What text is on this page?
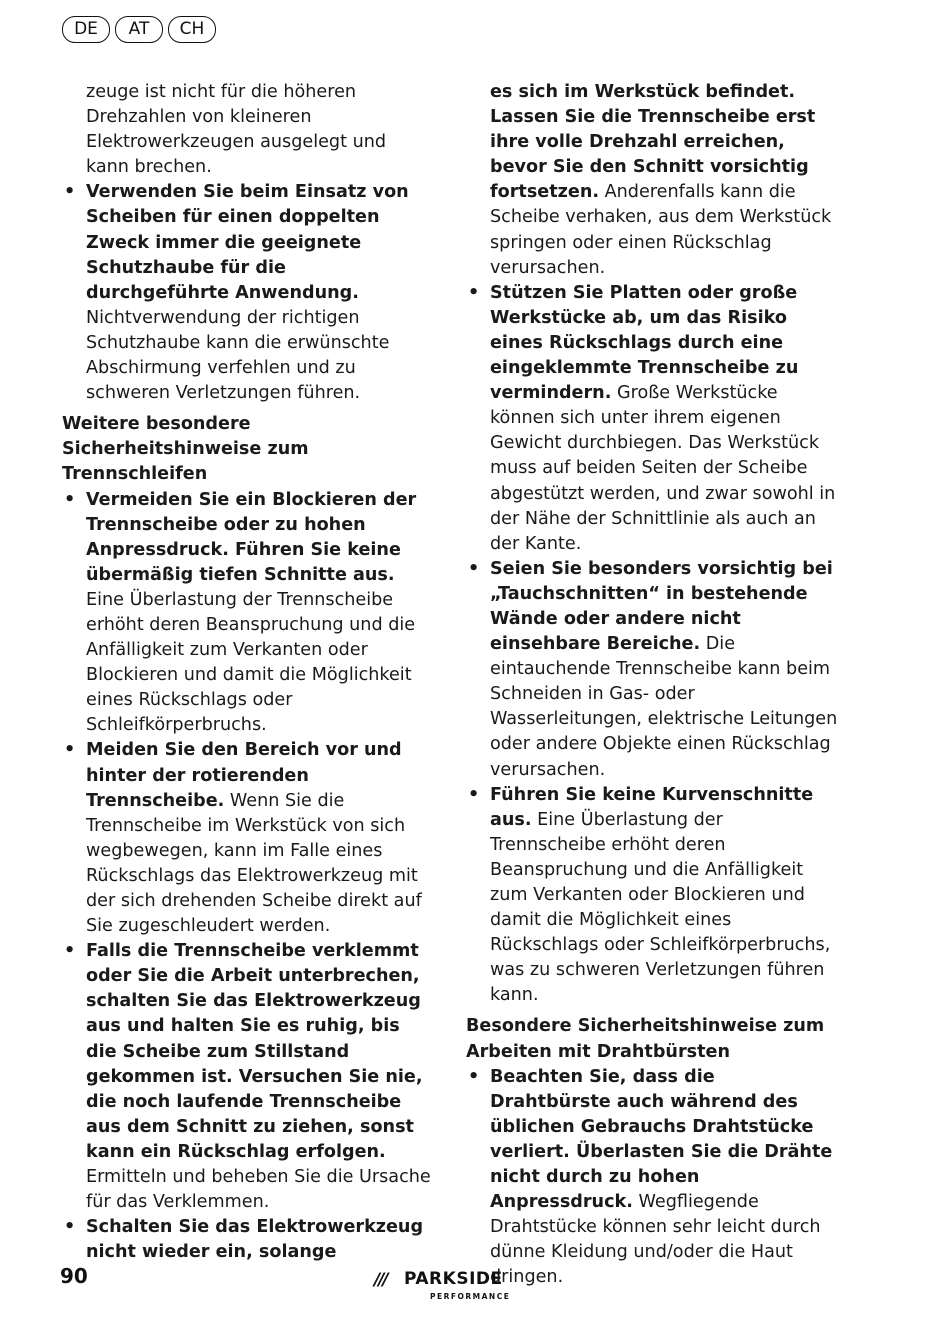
DE	AT	CH

zeuge ist nicht für die höheren Drehzahlen von kleineren Elektrowerkzeugen ausgelegt und kann brechen.

• Verwenden Sie beim Einsatz von Scheiben für einen doppelten Zweck immer die geeignete Schutzhaube für die durchgeführte Anwendung. Nichtverwendung der richtigen Schutzhaube kann die erwünschte Abschirmung verfehlen und zu schweren Verletzungen führen.

Weitere besondere Sicherheitshinweise zum Trennschleifen

• Vermeiden Sie ein Blockieren der Trennscheibe oder zu hohen Anpressdruck. Führen Sie keine übermäßig tiefen Schnitte aus. Eine Überlastung der Trennscheibe erhöht deren Beanspruchung und die Anfälligkeit zum Verkanten oder Blockieren und damit die Möglichkeit eines Rückschlags oder Schleifkörperbruchs.
• Meiden Sie den Bereich vor und hinter der rotierenden Trennscheibe. Wenn Sie die Trennscheibe im Werkstück von sich wegbewegen, kann im Falle eines Rückschlags das Elektrowerkzeug mit der sich drehenden Scheibe direkt auf Sie zugeschleudert werden.
• Falls die Trennscheibe verklemmt oder Sie die Arbeit unterbrechen, schalten Sie das Elektrowerkzeug aus und halten Sie es ruhig, bis die Scheibe zum Stillstand gekommen ist. Versuchen Sie nie, die noch laufende Trennscheibe aus dem Schnitt zu ziehen, sonst kann ein Rückschlag erfolgen. Ermitteln und beheben Sie die Ursache für das Verklemmen.
• Schalten Sie das Elektrowerkzeug nicht wieder ein, solange
es sich im Werkstück befindet. Lassen Sie die Trennscheibe erst ihre volle Drehzahl erreichen, bevor Sie den Schnitt vorsichtig fortsetzen. Anderenfalls kann die Scheibe verhaken, aus dem Werkstück springen oder einen Rückschlag verursachen.
• Stützen Sie Platten oder große Werkstücke ab, um das Risiko eines Rückschlags durch eine eingeklemmte Trennscheibe zu vermindern. Große Werkstücke können sich unter ihrem eigenen Gewicht durchbiegen. Das Werkstück muss auf beiden Seiten der Scheibe abgestützt werden, und zwar sowohl in der Nähe der Schnittlinie als auch an der Kante.
• Seien Sie besonders vorsichtig bei „Tauchschnitten“ in bestehende Wände oder andere nicht einsehbare Bereiche. Die eintauchende Trennscheibe kann beim Schneiden in Gas- oder Wasserleitungen, elektrische Leitungen oder andere Objekte einen Rückschlag verursachen.
• Führen Sie keine Kurvenschnitte aus. Eine Überlastung der Trennscheibe erhöht deren Beanspruchung und die Anfälligkeit zum Verkanten oder Blockieren und damit die Möglichkeit eines Rückschlags oder Schleifkörperbruchs, was zu schweren Verletzungen führen kann.

Besondere Sicherheitshinweise zum Arbeiten mit Drahtbürsten

• Beachten Sie, dass die Drahtbürste auch während des üblichen Gebrauchs Drahtstücke verliert. Überlasten Sie die Drähte nicht durch zu hohen Anpressdruck. Wegfliegende Drahtstücke können sehr leicht durch dünne Kleidung und/oder die Haut dringen.
90	/// PARKSIDE
PERFORMANCE
